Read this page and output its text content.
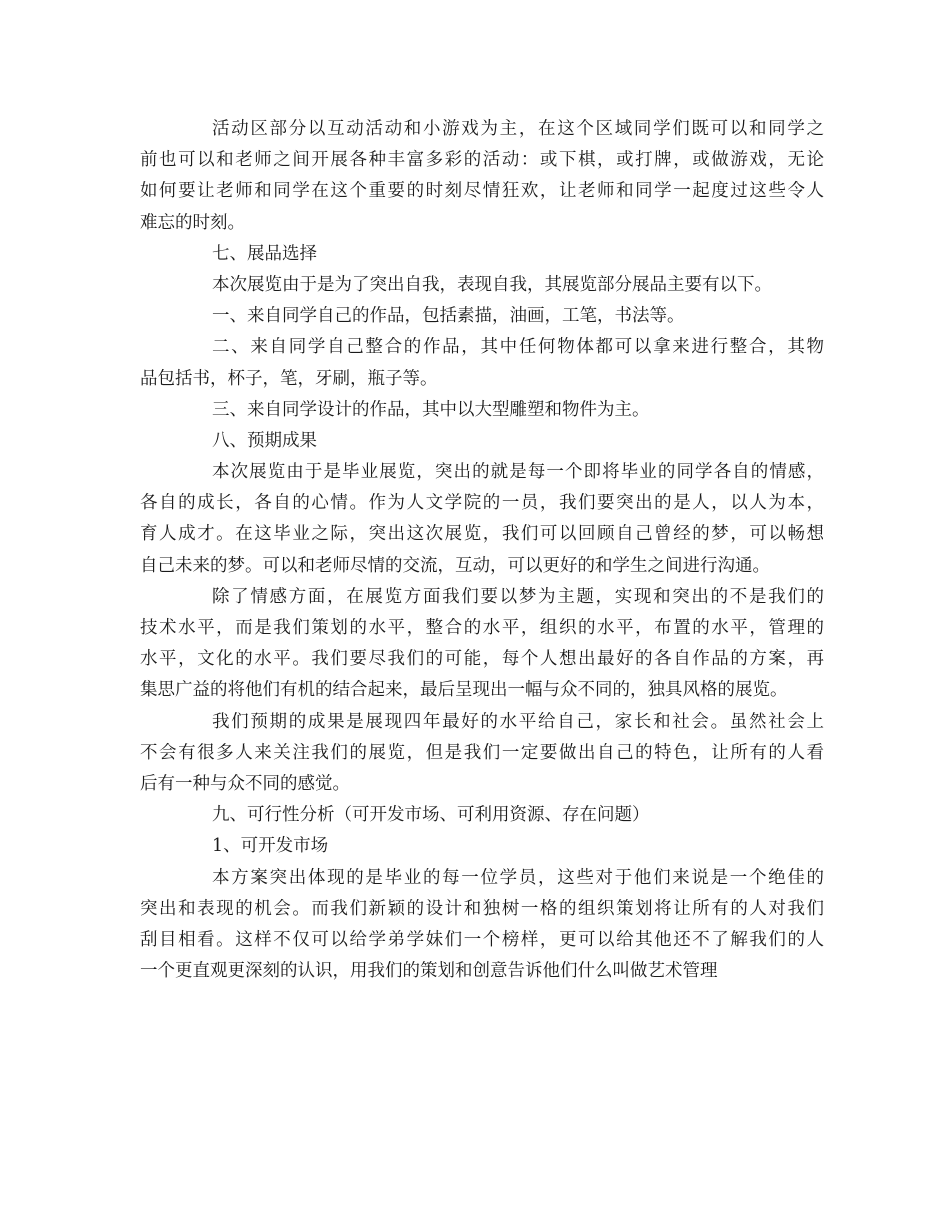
活动区部分以互动活动和小游戏为主，在这个区域同学们既可以和同学之
前也可以和老师之间开展各种丰富多彩的活动：或下棋，或打牌，或做游戏，无论
如何要让老师和同学在这个重要的时刻尽情狂欢，让老师和同学一起度过这些令人
难忘的时刻。
七、展品选择
本次展览由于是为了突出自我，表现自我，其展览部分展品主要有以下。
一、来自同学自己的作品，包括素描，油画，工笔，书法等。
二、来自同学自己整合的作品，其中任何物体都可以拿来进行整合，其物
品包括书，杯子，笔，牙刷，瓶子等。
三、来自同学设计的作品，其中以大型雕塑和物件为主。
八、预期成果
本次展览由于是毕业展览，突出的就是每一个即将毕业的同学各自的情感，
各自的成长，各自的心情。作为人文学院的一员，我们要突出的是人，以人为本，
育人成才。在这毕业之际，突出这次展览，我们可以回顾自己曾经的梦，可以畅想
自己未来的梦。可以和老师尽情的交流，互动，可以更好的和学生之间进行沟通。
除了情感方面，在展览方面我们要以梦为主题，实现和突出的不是我们的
技术水平，而是我们策划的水平，整合的水平，组织的水平，布置的水平，管理的
水平，文化的水平。我们要尽我们的可能，每个人想出最好的各自作品的方案，再
集思广益的将他们有机的结合起来，最后呈现出一幅与众不同的，独具风格的展览。
我们预期的成果是展现四年最好的水平给自己，家长和社会。虽然社会上
不会有很多人来关注我们的展览，但是我们一定要做出自己的特色，让所有的人看
后有一种与众不同的感觉。
九、可行性分析（可开发市场、可利用资源、存在问题）
1、可开发市场
本方案突出体现的是毕业的每一位学员，这些对于他们来说是一个绝佳的
突出和表现的机会。而我们新颖的设计和独树一格的组织策划将让所有的人对我们
刮目相看。这样不仅可以给学弟学妹们一个榜样，更可以给其他还不了解我们的人
一个更直观更深刻的认识，用我们的策划和创意告诉他们什么叫做艺术管理
